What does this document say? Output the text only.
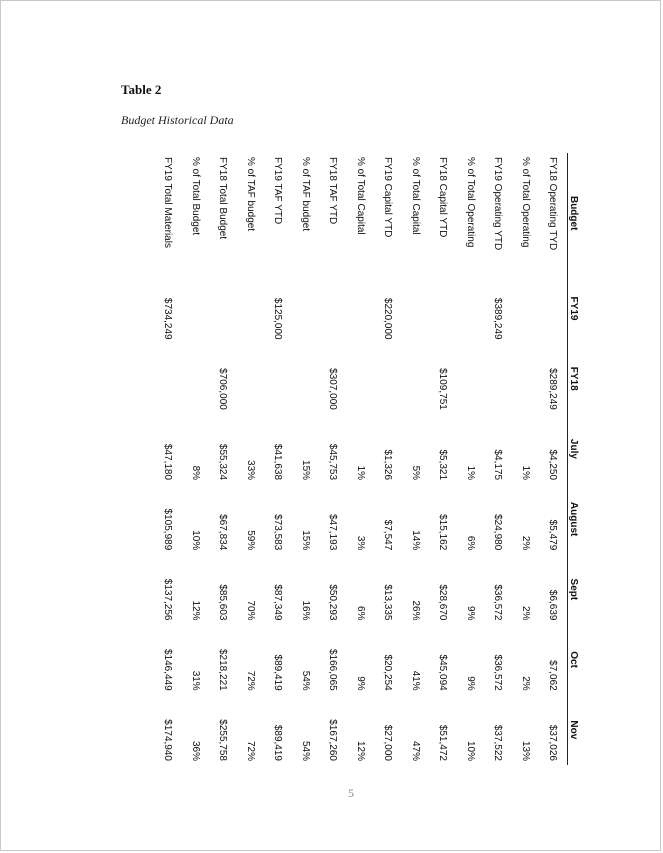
Table 2
Budget Historical Data
Budget	FY19	FY18	July	August	Sept	Oct	Nov
FY18 Operating TYD		$289,249	$4,250	$5,479	$6,639	$7,062	$37,026
% of Total Operating			1%	2%	2%	2%	13%
FY19 Operating YTD	$389,249		$4,175	$24,980	$36,572	$36,572	$37,522
% of Total Operating			1%	6%	9%	9%	10%
FY18 Capital YTD		$109,751	$5,321	$15,162	$28,670	$45,094	$51,472
% of Total Capital			5%	14%	26%	41%	47%
FY19 Capital YTD	$220,000		$1,326	$7,547	$13,335	$20,254	$27,000
% of Total Capital			1%	3%	6%	9%	12%
FY18 TAF YTD		$307,000	$45,753	$47,193	$50,293	$166,065	$167,260
% of TAF budget			15%	15%	16%	54%	54%
FY19 TAF YTD	$125,000		$41,638	$73,583	$87,349	$89,419	$89,419
% of TAF budget			33%	59%	70%	72%	72%
FY18 Total Budget		$706,000	$55,324	$67,834	$85,603	$218,221	$255,758
% of Total Budget			8%	10%	12%	31%	36%
FY19 Total Materials	$734,249		$47,180	$105,989	$137,256	$146,449	$174,940
5
